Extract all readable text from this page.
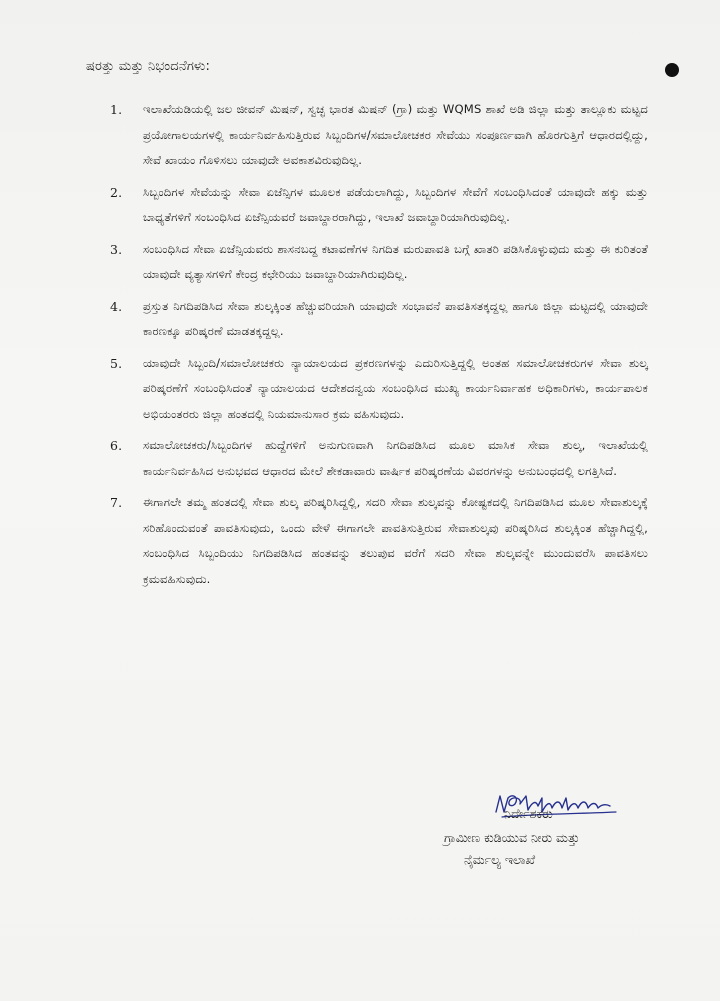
ಷರತ್ತು ಮತ್ತು ನಿಭಂದನೆಗಳು:
1. ಇಲಾಖೆಯಡಿಯಲ್ಲಿ ಜಲ ಜೀವನ್ ಮಿಷನ್, ಸ್ವಚ್ಛ ಭಾರತ ಮಿಷನ್ (ಗ್ರಾ) ಮತ್ತು WQMS ಶಾಖೆ ಅಡಿ ಜಿಲ್ಲಾ ಮತ್ತು ತಾಲ್ಲೂಕು ಮಟ್ಟದ ಪ್ರಯೋಗಾಲಯಗಳಲ್ಲಿ ಕಾರ್ಯನಿರ್ವಹಿಸುತ್ತಿರುವ ಸಿಬ್ಬಂದಿಗಳ/ಸಮಾಲೋಚಕರ ಸೇವೆಯು ಸಂಪೂರ್ಣವಾಗಿ ಹೊರಗುತ್ತಿಗೆ ಆಧಾರದಲ್ಲಿದ್ದು, ಸೇವೆ ಖಾಯಂ ಗೊಳಿಸಲು ಯಾವುದೇ ಅವಕಾಶವಿರುವುದಿಲ್ಲ.
2. ಸಿಬ್ಬಂದಿಗಳ ಸೇವೆಯನ್ನು ಸೇವಾ ಏಜೆನ್ಸಿಗಳ ಮೂಲಕ ಪಡೆಯಲಾಗಿದ್ದು, ಸಿಬ್ಬಂದಿಗಳ ಸೇವೆಗೆ ಸಂಬಂಧಿಸಿದಂತೆ ಯಾವುದೇ ಹಕ್ಕು ಮತ್ತು ಬಾಧ್ಯತೆಗಳಿಗೆ ಸಂಬಂಧಿಸಿದ ಏಜೆನ್ಸಿಯವರೆ ಜವಾಬ್ದಾರರಾಗಿದ್ದು, ಇಲಾಖೆ ಜವಾಬ್ದಾರಿಯಾಗಿರುವುದಿಲ್ಲ.
3. ಸಂಬಂಧಿಸಿದ ಸೇವಾ ಏಜೆನ್ಸಿಯವರು ಶಾಸನಬದ್ದ ಕಟಾವಣೆಗಳ ನಿಗದಿತ ಮರುಪಾವತಿ ಬಗ್ಗೆ ಖಾತರಿ ಪಡಿಸಿಕೊಳ್ಳುವುದು ಮತ್ತು ಈ ಕುರಿತಂತೆ ಯಾವುದೇ ವ್ಯತ್ಯಾಸಗಳಿಗೆ ಕೇಂದ್ರ ಕಛೇರಿಯು ಜವಾಬ್ದಾರಿಯಾಗಿರುವುದಿಲ್ಲ.
4. ಪ್ರಸ್ತುತ ನಿಗದಿಪಡಿಸಿದ ಸೇವಾ ಶುಲ್ಕಕ್ಕಿಂತ ಹೆಚ್ಚುವರಿಯಾಗಿ ಯಾವುದೇ ಸಂಭಾವನೆ ಪಾವತಿಸತಕ್ಕದ್ದಲ್ಲ ಹಾಗೂ ಜಿಲ್ಲಾ ಮಟ್ಟದಲ್ಲಿ ಯಾವುದೇ ಕಾರಣಕ್ಕೂ ಪರಿಷ್ಕರಣೆ ಮಾಡತಕ್ಕದ್ದಲ್ಲ.
5. ಯಾವುದೇ ಸಿಬ್ಬಂದಿ/ಸಮಾಲೋಚಕರು ನ್ಯಾಯಾಲಯದ ಪ್ರಕರಣಗಳನ್ನು ಎದುರಿಸುತ್ತಿದ್ದಲ್ಲಿ ಅಂತಹ ಸಮಾಲೋಚಕರುಗಳ ಸೇವಾ ಶುಲ್ಕ ಪರಿಷ್ಕರಣೆಗೆ ಸಂಬಂಧಿಸಿದಂತೆ ನ್ಯಾಯಾಲಯದ ಆದೇಶದನ್ವಯ ಸಂಬಂಧಿಸಿದ ಮುಖ್ಯ ಕಾರ್ಯನಿರ್ವಾಹಕ ಅಧಿಕಾರಿಗಳು, ಕಾರ್ಯಪಾಲಕ ಅಭಿಯಂತರರು ಜಿಲ್ಲಾ ಹಂತದಲ್ಲಿ ನಿಯಮಾನುಸಾರ ಕ್ರಮ ವಹಿಸುವುದು.
6. ಸಮಾಲೋಚಕರು/ಸಿಬ್ಬಂದಿಗಳ ಹುದ್ದೆಗಳಿಗೆ ಅನುಗುಣವಾಗಿ ನಿಗದಿಪಡಿಸಿದ ಮೂಲ ಮಾಸಿಕ ಸೇವಾ ಶುಲ್ಕ, ಇಲಾಖೆಯಲ್ಲಿ ಕಾರ್ಯನಿರ್ವಹಿಸಿದ ಅನುಭವದ ಆಧಾರದ ಮೇಲೆ ಶೇಕಡಾವಾರು ವಾರ್ಷಿಕ ಪರಿಷ್ಕರಣೆಯ ವಿವರಗಳನ್ನು ಅನುಬಂಧದಲ್ಲಿ ಲಗತ್ತಿಸಿದೆ.
7. ಈಗಾಗಲೇ ತಮ್ಮ ಹಂತದಲ್ಲಿ ಸೇವಾ ಶುಲ್ಕ ಪರಿಷ್ಕರಿಸಿದ್ದಲ್ಲಿ, ಸದರಿ ಸೇವಾ ಶುಲ್ಕವನ್ನು ಕೋಷ್ಟಕದಲ್ಲಿ ನಿಗದಿಪಡಿಸಿದ ಮೂಲ ಸೇವಾಶುಲ್ಕಕ್ಕೆ ಸರಿಹೊಂದುವಂತೆ ಪಾವತಿಸುವುದು, ಒಂದು ವೇಳೆ ಈಗಾಗಲೇ ಪಾವತಿಸುತ್ತಿರುವ ಸೇವಾಶುಲ್ಕವು ಪರಿಷ್ಕರಿಸಿದ ಶುಲ್ಕಕ್ಕಿಂತ ಹೆಚ್ಚಾಗಿದ್ದಲ್ಲಿ, ಸಂಬಂಧಿಸಿದ ಸಿಬ್ಬಂದಿಯು ನಿಗದಿಪಡಿಸಿದ ಹಂತವನ್ನು ತಲುಪುವ ವರೆಗೆ ಸದರಿ ಸೇವಾ ಶುಲ್ಕವನ್ನೇ ಮುಂದುವರೆಸಿ ಪಾವತಿಸಲು ಕ್ರಮವಹಿಸುವುದು.
ನಿರ್ದೇಶಕರು
ಗ್ರಾಮೀಣ ಕುಡಿಯುವ ನೀರು ಮತ್ತು
ನೈರ್ಮಲ್ಯ ಇಲಾಖೆ
